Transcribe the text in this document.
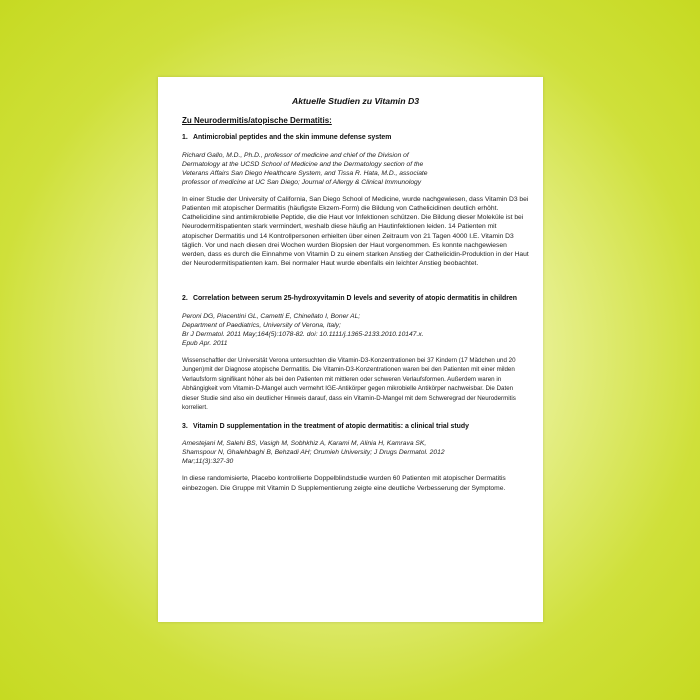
Aktuelle Studien zu Vitamin D3
Zu Neurodermitis/atopische Dermatitis:
1. Antimicrobial peptides and the skin immune defense system
Richard Gallo, M.D., Ph.D., professor of medicine and chief of the Division of
Dermatology at the UCSD School of Medicine and the Dermatology section of the
Veterans Affairs San Diego Healthcare System, and Tissa R. Hata, M.D., associate
professor of medicine at UC San Diego; Journal of Allergy & Clinical Immunology

In einer Studie der University of California, San Diego School of Medicine, wurde nachgewiesen, dass Vitamin D3 bei Patienten mit atopischer Dermatitis (häufigste Ekzem-Form) die Bildung von Cathelicidinen deutlich erhöht. Cathelicidine sind antimikrobielle Peptide, die die Haut vor Infektionen schützen. Die Bildung dieser Moleküle ist bei Neurodermitispatienten stark vermindert, weshalb diese häufig an Hautinfektionen leiden. 14 Patienten mit atopischer Dermatitis und 14 Kontrollpersonen erhielten über einen Zeitraum von 21 Tagen 4000 I.E. Vitamin D3 täglich. Vor und nach diesen drei Wochen wurden Biopsien der Haut vorgenommen. Es konnte nachgewiesen werden, dass es durch die Einnahme von Vitamin D zu einem starken Anstieg der Cathelicidin-Produktion in der Haut der Neurodermitispatienten kam. Bei normaler Haut wurde ebenfalls ein leichter Anstieg beobachtet.

2. Correlation between serum 25-hydroxyvitamin D levels and severity of atopic dermatitis in children
Peroni DG, Piacentini GL, Cametti E, Chinellato I, Boner AL;
Department of Paediatrics, University of Verona, Italy;
Br J Dermatol. 2011 May;164(5):1078-82. doi: 10.1111/j.1365-2133.2010.10147.x.
Epub Apr. 2011

Wissenschaftler der Universität Verona untersuchten die Vitamin-D3-Konzentrationen bei 37 Kindern (17 Mädchen und 20 Jungen)mit der Diagnose atopische Dermatitis. Die Vitamin-D3-Konzentrationen waren bei den Patienten mit einer milden Verlaufsform signifikant höher als bei den Patienten mit mittleren oder schweren Verlaufsformen. Außerdem waren in Abhängigkeit vom Vitamin-D-Mangel auch vermehrt IGE-Antikörper gegen mikrobielle Antikörper nachweisbar. Die Daten dieser Studie sind also ein deutlicher Hinweis darauf, dass ein Vitamin-D-Mangel mit dem Schweregrad der Neurodermitis korreliert.

3. Vitamin D supplementation in the treatment of atopic dermatitis: a clinical trial study
Amestejani M, Salehi BS, Vasigh M, Sobhkhiz A, Karami M, Alinia H, Kamrava SK,
Shamspour N, Ghalehbaghi B, Behzadi AH; Orumieh University; J Drugs Dermatol. 2012
Mar;11(3):327-30

In diese randomisierte, Placebo kontrollierte Doppelblindstudie wurden 60 Patienten mit atopischer Dermatitis einbezogen. Die Gruppe mit Vitamin D Supplementierung zeigte eine deutliche Verbesserung der Symptome.
